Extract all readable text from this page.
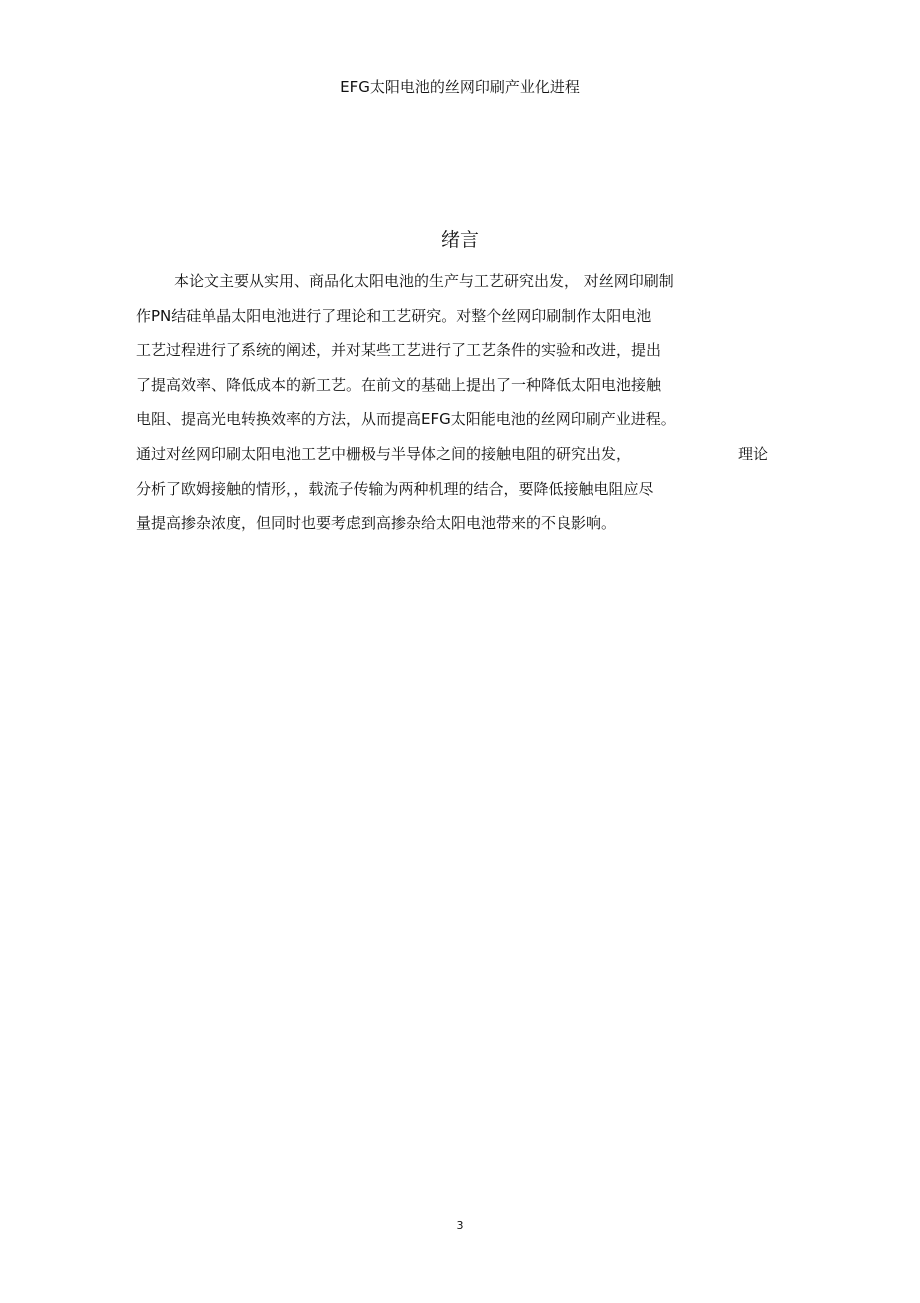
EFG太阳电池的丝网印刷产业化进程
绪言
本论文主要从实用、商品化太阳电池的生产与工艺研究出发， 对丝网印刷制
作PN结硅单晶太阳电池进行了理论和工艺研究。对整个丝网印刷制作太阳电池
工艺过程进行了系统的阐述，并对某些工艺进行了工艺条件的实验和改进，提出
了提高效率、降低成本的新工艺。在前文的基础上提出了一种降低太阳电池接触
电阻、提高光电转换效率的方法，从而提高EFG太阳能电池的丝网印刷产业进程。
通过对丝网印刷太阳电池工艺中栅极与半导体之间的接触电阻的研究出发，	理论
分析了欧姆接触的情形，，载流子传输为两种机理的结合，要降低接触电阻应尽
量提高掺杂浓度，但同时也要考虑到高掺杂给太阳电池带来的不良影响。
3
